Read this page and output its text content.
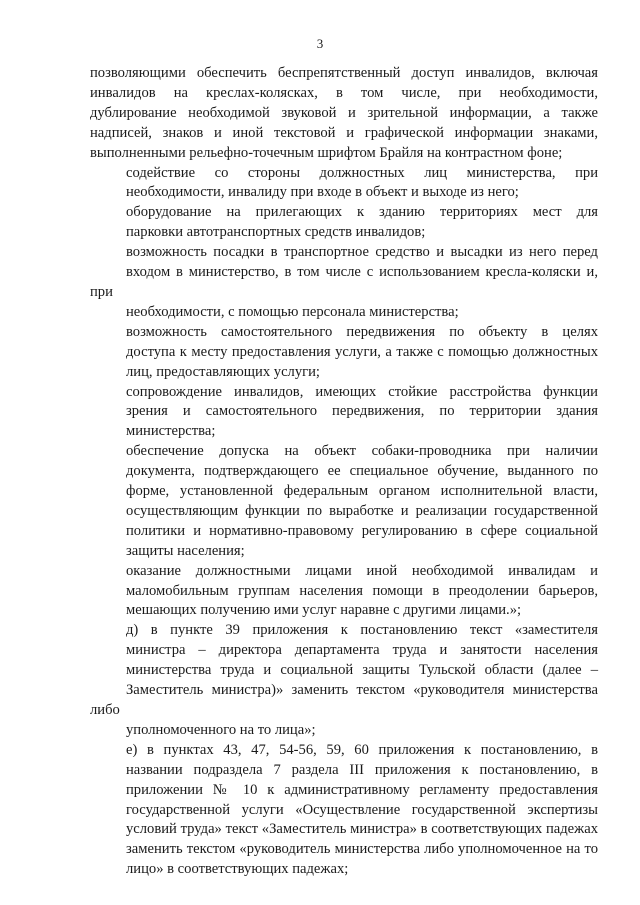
3

позволяющими обеспечить беспрепятственный доступ инвалидов, включая
инвалидов на креслах-колясках, в том числе, при необходимости,
дублирование необходимой звуковой и зрительной информации, а также
надписей, знаков и иной текстовой и графической информации знаками,
выполненными рельефно-точечным шрифтом Брайля на контрастном фоне;

содействие со стороны должностных лиц министерства, при
необходимости, инвалиду при входе в объект и выходе из него;

оборудование на прилегающих к зданию территориях мест для
парковки автотранспортных средств инвалидов;

возможность посадки в транспортное средство и высадки из него перед
входом в министерство, в том числе с использованием кресла-коляски и, при
необходимости, с помощью персонала министерства;

возможность самостоятельного передвижения по объекту в целях
доступа к месту предоставления услуги, а также с помощью должностных
лиц, предоставляющих услуги;

сопровождение инвалидов, имеющих стойкие расстройства функции
зрения и самостоятельного передвижения, по территории здания
министерства;

обеспечение допуска на объект собаки-проводника при наличии
документа, подтверждающего ее специальное обучение, выданного по
форме, установленной федеральным органом исполнительной власти,
осуществляющим функции по выработке и реализации государственной
политики и нормативно-правовому регулированию в сфере социальной
защиты населения;

оказание должностными лицами иной необходимой инвалидам и
маломобильным группам населения помощи в преодолении барьеров,
мешающих получению ими услуг наравне с другими лицами.»;

д) в пункте 39 приложения к постановлению текст «заместителя
министра – директора департамента труда и занятости населения
министерства труда и социальной защиты Тульской области (далее –
Заместитель министра)» заменить текстом «руководителя министерства либо
уполномоченного на то лица»;

е) в пунктах 43, 47, 54-56, 59, 60 приложения к постановлению, в
названии подраздела 7 раздела III приложения к постановлению, в
приложении № 10 к административному регламенту предоставления
государственной услуги «Осуществление государственной экспертизы
условий труда» текст «Заместитель министра» в соответствующих падежах
заменить текстом «руководитель министерства либо уполномоченное на то
лицо» в соответствующих падежах;
